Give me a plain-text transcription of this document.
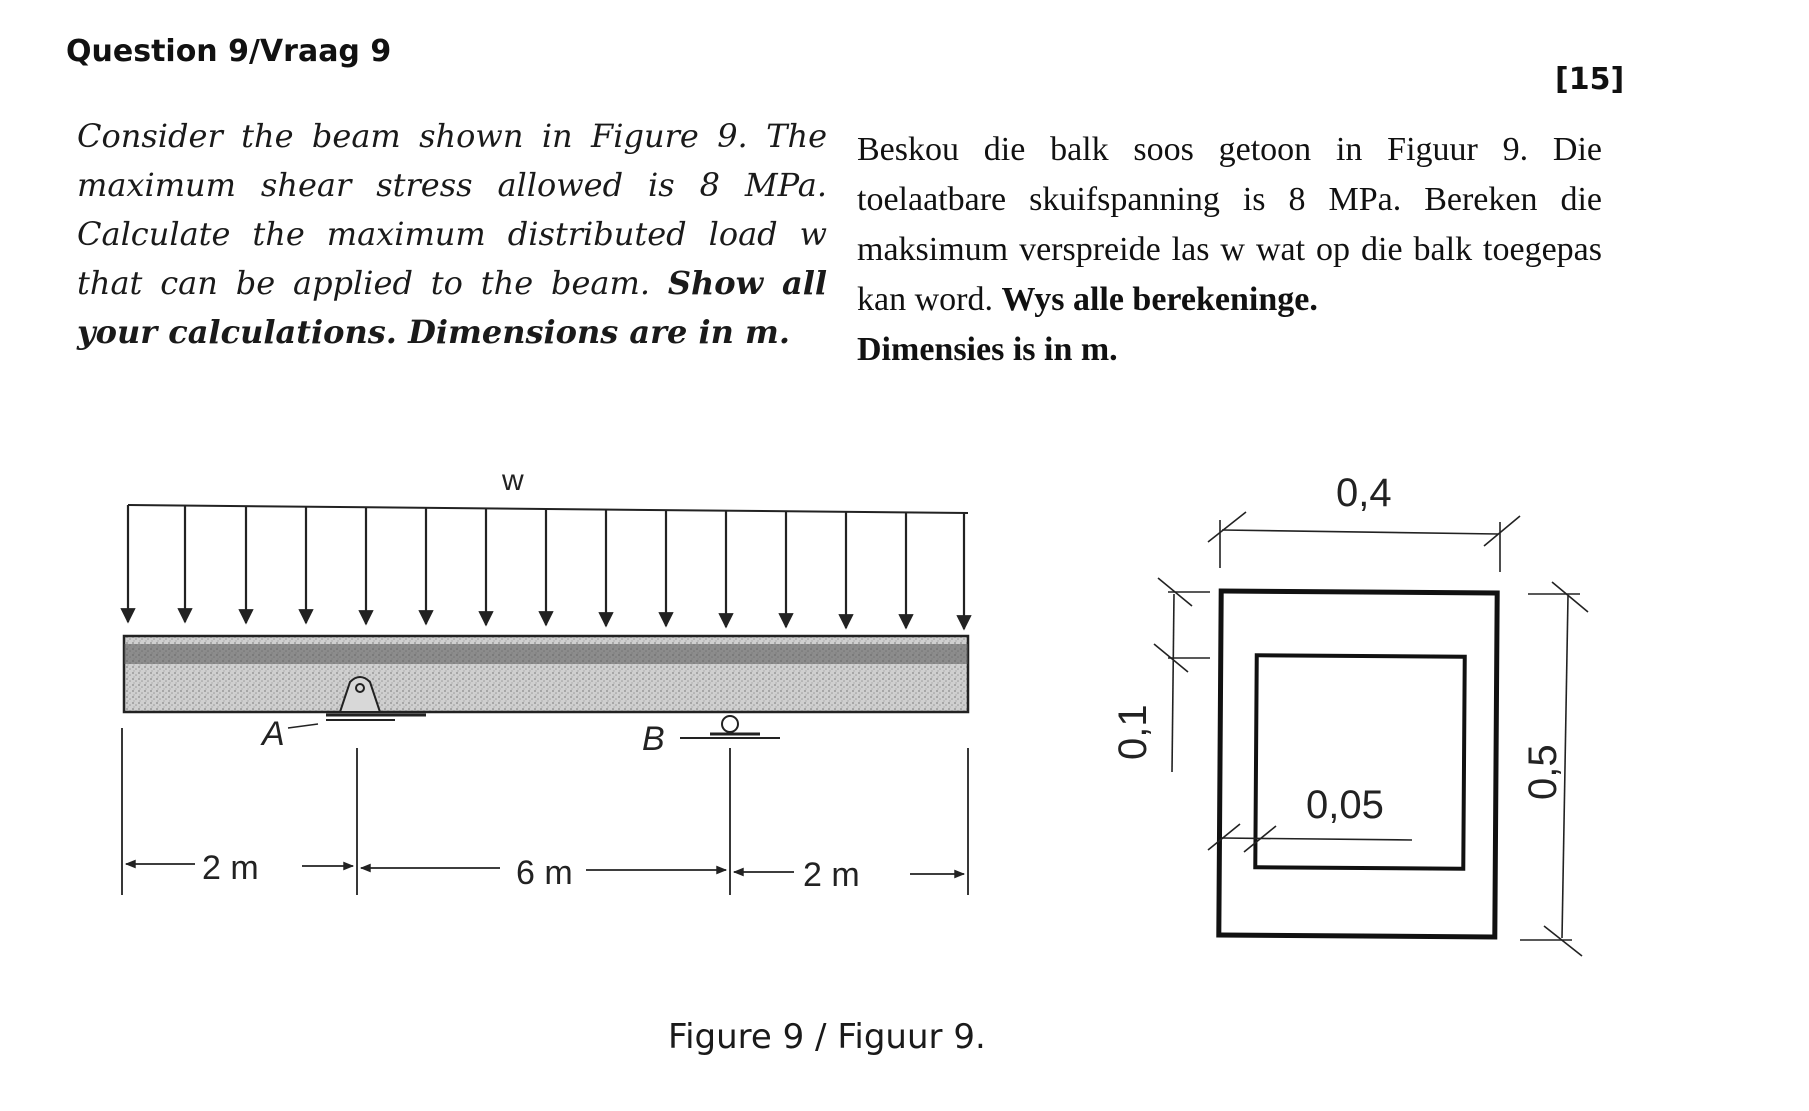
Question 9/Vraag 9
[15]
Consider the beam shown in Figure 9. The maximum shear stress allowed is 8 MPa. Calculate the maximum distributed load w that can be applied to the beam. Show all your calculations. Dimensions are in m.
Beskou die balk soos getoon in Figuur 9. Die toelaatbare skuifspanning is 8 MPa. Bereken die maksimum verspreide las w wat op die balk toegepas kan word. Wys alle berekeninge.
Dimensies is in m.
w
A	B
2 m	6 m	2 m
0,4
0,05
0,1
0,5
Figure 9 / Figuur 9.
